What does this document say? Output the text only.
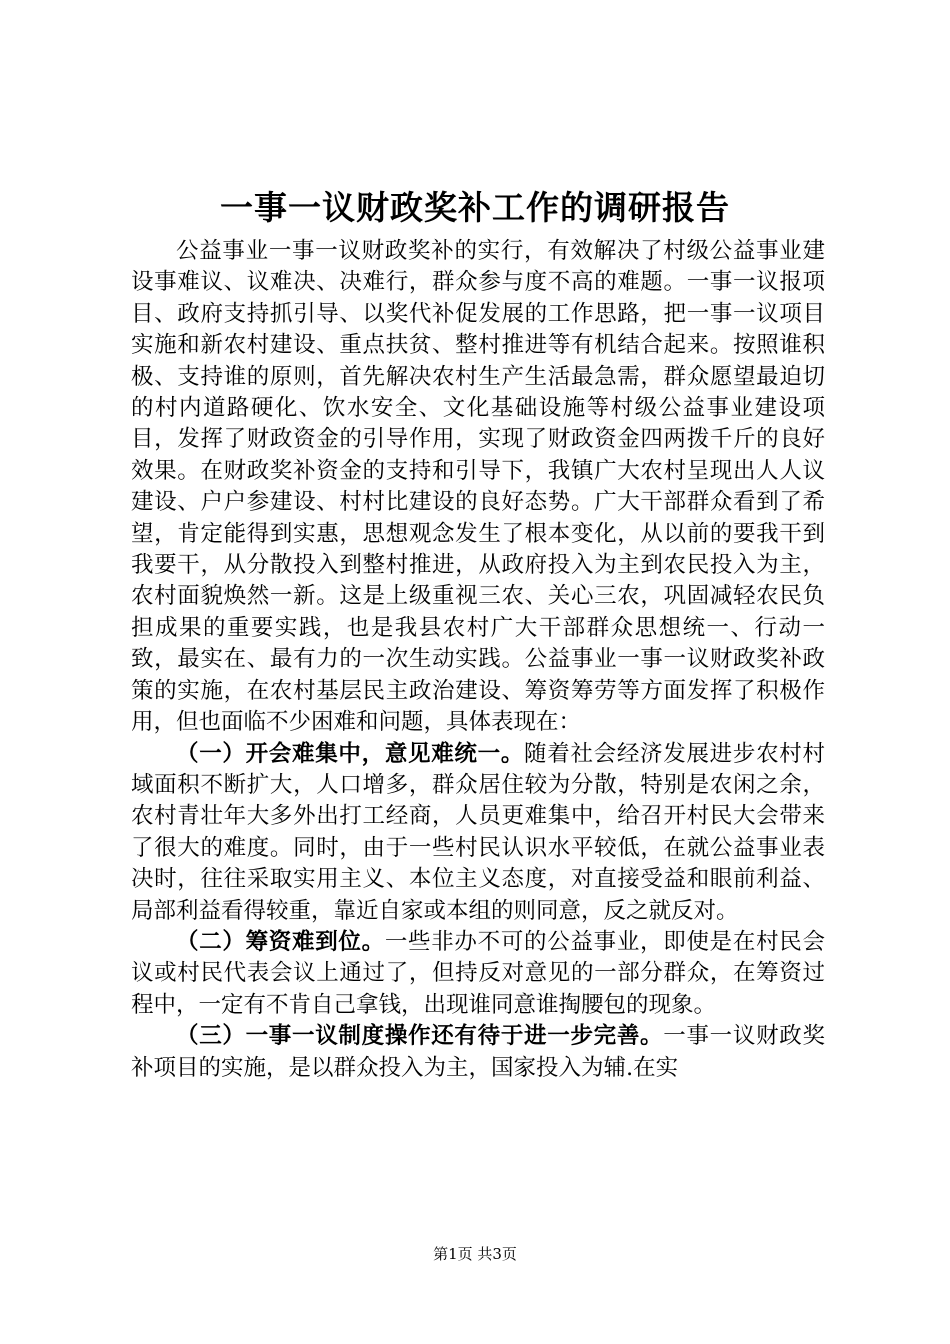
一事一议财政奖补工作的调研报告

公益事业一事一议财政奖补的实行，有效解决了村级公益事业建设事难议、议难决、决难行，群众参与度不高的难题。一事一议报项目、政府支持抓引导、以奖代补促发展的工作思路，把一事一议项目实施和新农村建设、重点扶贫、整村推进等有机结合起来。按照谁积极、支持谁的原则，首先解决农村生产生活最急需，群众愿望最迫切的村内道路硬化、饮水安全、文化基础设施等村级公益事业建设项目，发挥了财政资金的引导作用，实现了财政资金四两拨千斤的良好效果。在财政奖补资金的支持和引导下，我镇广大农村呈现出人人议建设、户户参建设、村村比建设的良好态势。广大干部群众看到了希望，肯定能得到实惠，思想观念发生了根本变化，从以前的要我干到我要干，从分散投入到整村推进，从政府投入为主到农民投入为主，农村面貌焕然一新。这是上级重视三农、关心三农，巩固减轻农民负担成果的重要实践，也是我县农村广大干部群众思想统一、行动一致，最实在、最有力的一次生动实践。公益事业一事一议财政奖补政策的实施，在农村基层民主政治建设、筹资筹劳等方面发挥了积极作用，但也面临不少困难和问题，具体表现在：

（一）开会难集中，意见难统一。随着社会经济发展进步农村村域面积不断扩大，人口增多，群众居住较为分散，特别是农闲之余，农村青壮年大多外出打工经商，人员更难集中，给召开村民大会带来了很大的难度。同时，由于一些村民认识水平较低，在就公益事业表决时，往往采取实用主义、本位主义态度，对直接受益和眼前利益、局部利益看得较重，靠近自家或本组的则同意，反之就反对。

（二）筹资难到位。一些非办不可的公益事业，即使是在村民会议或村民代表会议上通过了，但持反对意见的一部分群众，在筹资过程中，一定有不肯自己拿钱，出现谁同意谁掏腰包的现象。

（三）一事一议制度操作还有待于进一步完善。一事一议财政奖补项目的实施，是以群众投入为主，国家投入为辅.在实

第1页 共3页
